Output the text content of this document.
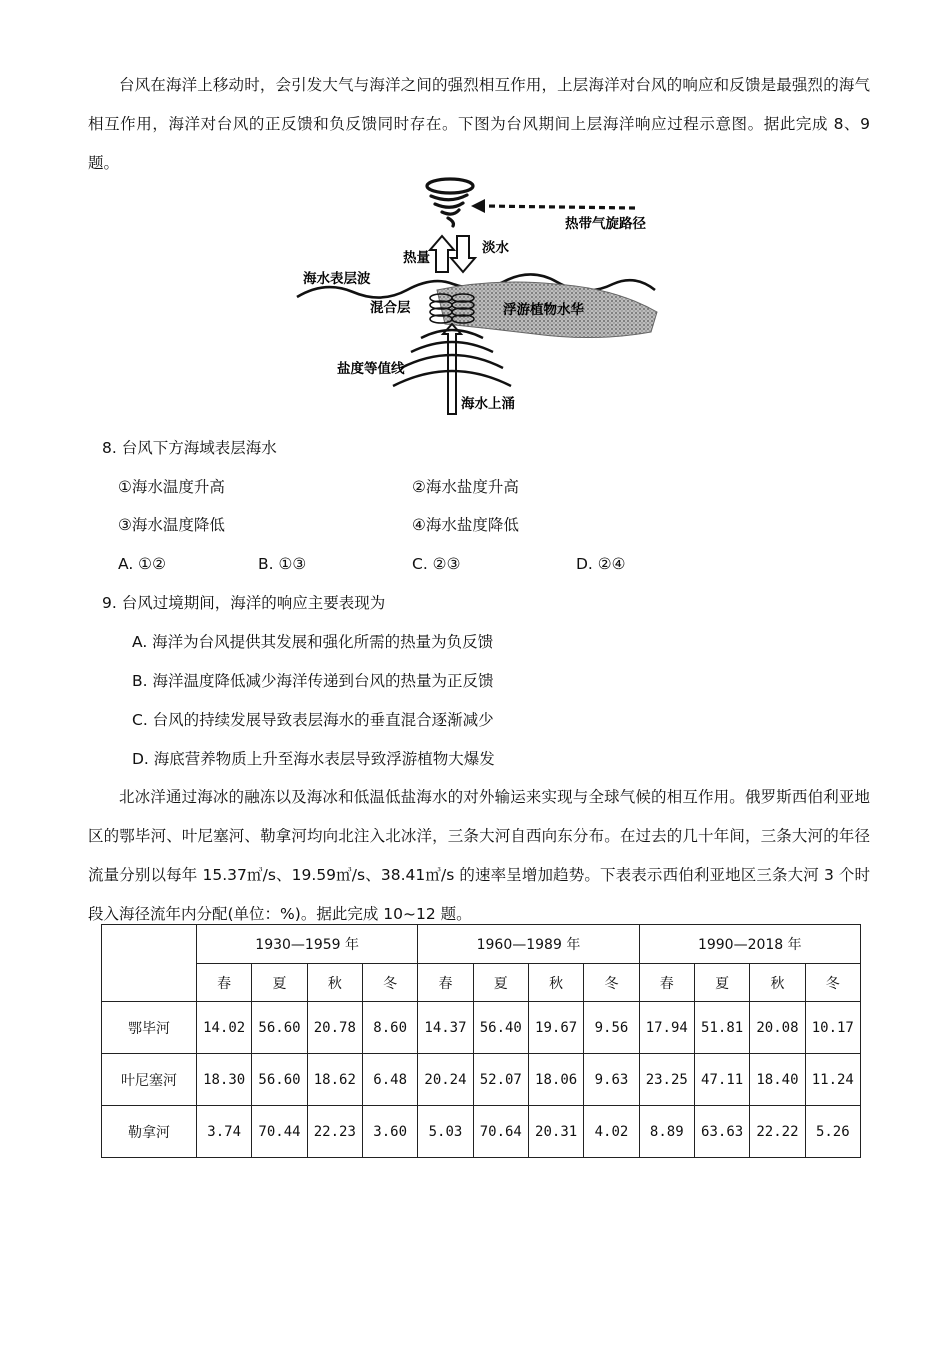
台风在海洋上移动时，会引发大气与海洋之间的强烈相互作用，上层海洋对台风的响应和反馈是最强烈的海气相互作用，海洋对台风的正反馈和负反馈同时存在。下图为台风期间上层海洋响应过程示意图。据此完成 8、9 题。

热带气旋路径
热量
淡水
海水表层波
浮游植物水华
混合层
盐度等值线
海水上涌
8. 台风下方海域表层海水
①海水温度升高	②海水盐度升高
③海水温度降低	④海水盐度降低
A. ①②	B. ①③	C. ②③	D. ②④
9. 台风过境期间，海洋的响应主要表现为
A. 海洋为台风提供其发展和强化所需的热量为负反馈
B. 海洋温度降低减少海洋传递到台风的热量为正反馈
C. 台风的持续发展导致表层海水的垂直混合逐渐减少
D. 海底营养物质上升至海水表层导致浮游植物大爆发

北冰洋通过海冰的融冻以及海冰和低温低盐海水的对外输运来实现与全球气候的相互作用。俄罗斯西伯利亚地区的鄂毕河、叶尼塞河、勒拿河均向北注入北冰洋，三条大河自西向东分布。在过去的几十年间，三条大河的年径流量分别以每年 15.37㎥/s、19.59㎥/s、38.41㎥/s 的速率呈增加趋势。下表表示西伯利亚地区三条大河 3 个时段入海径流年内分配(单位：%)。据此完成 10~12 题。

	1930—1959 年				1960—1989 年				1990—2018 年			
	春	夏	秋	冬	春	夏	秋	冬	春	夏	秋	冬
鄂毕河	14.02	56.60	20.78	8.60	14.37	56.40	19.67	9.56	17.94	51.81	20.08	10.17
叶尼塞河	18.30	56.60	18.62	6.48	20.24	52.07	18.06	9.63	23.25	47.11	18.40	11.24
勒拿河	3.74	70.44	22.23	3.60	5.03	70.64	20.31	4.02	8.89	63.63	22.22	5.26
